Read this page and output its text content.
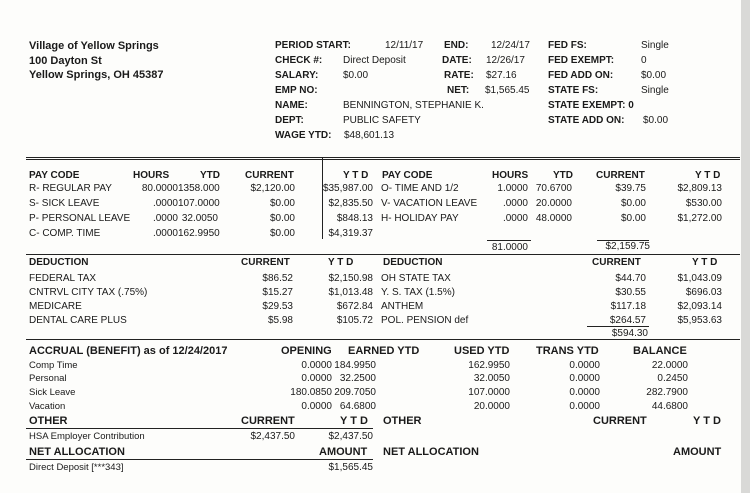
Village of Yellow Springs
100 Dayton St
Yellow Springs, OH 45387
PERIOD START:	12/11/17 END: 12/24/17
CHECK #: Direct Deposit	DATE: 12/26/17
SALARY: $0.00	RATE: $27.16
EMP NO:	NET: $1,565.45
NAME:	BENNINGTON, STEPHANIE K.
DEPT:	PUBLIC SAFETY
WAGE YTD: $48,601.13
FED FS:	Single
FED EXEMPT:	0
FED ADD ON:	$0.00
STATE FS:	Single
STATE EXEMPT: 0
STATE ADD ON: $0.00
PAY CODE	HOURS	YTD	CURRENT	Y T D PAY CODE	HOURS YTD CURRENT	Y T D
R- REGULAR PAY	80.0000 1358.000	$2,120.00	$35,987.00
S- SICK LEAVE	.0000 107.0000	$0.00	$2,835.50
P- PERSONAL LEAVE	.0000 32.0050	$0.00	$848.13
C- COMP. TIME	.0000 162.9950	$0.00	$4,319.37
O- TIME AND 1/2	1.0000 70.6700	$39.75	$2,809.13
V- VACATION LEAVE	.0000 20.0000	$0.00	$530.00
H- HOLIDAY PAY	.0000 48.0000	$0.00	$1,272.00
81.0000	$2,159.75
DEDUCTION	CURRENT	Y T D	DEDUCTION	CURRENT	Y T D
FEDERAL TAX	$86.52	$2,150.98 OH STATE TAX	$44.70	$1,043.09
CNTRVL CITY TAX (.75%)	$15.27	$1,013.48 Y. S. TAX (1.5%)	$30.55	$696.03
MEDICARE	$29.53	$672.84 ANTHEM	$117.18	$2,093.14
DENTAL CARE PLUS	$5.98	$105.72 POL. PENSION def	$264.57	$5,953.63
$594.30
ACCRUAL (BENEFIT) as of 12/24/2017	OPENING EARNED YTD	USED YTD TRANS YTD	BALANCE
Comp Time	0.0000 184.9950	162.9950	0.0000	22.0000
Personal	0.0000 32.2500	32.0050	0.0000	0.2450
Sick Leave	180.0850 209.7050	107.0000	0.0000	282.7900
Vacation	0.0000 64.6800	20.0000	0.0000	44.6800
OTHER	CURRENT	Y T D OTHER	CURRENT	Y T D
HSA Employer Contribution	$2,437.50	$2,437.50
NET ALLOCATION	AMOUNT NET ALLOCATION	AMOUNT
Direct Deposit [***343]	$1,565.45
